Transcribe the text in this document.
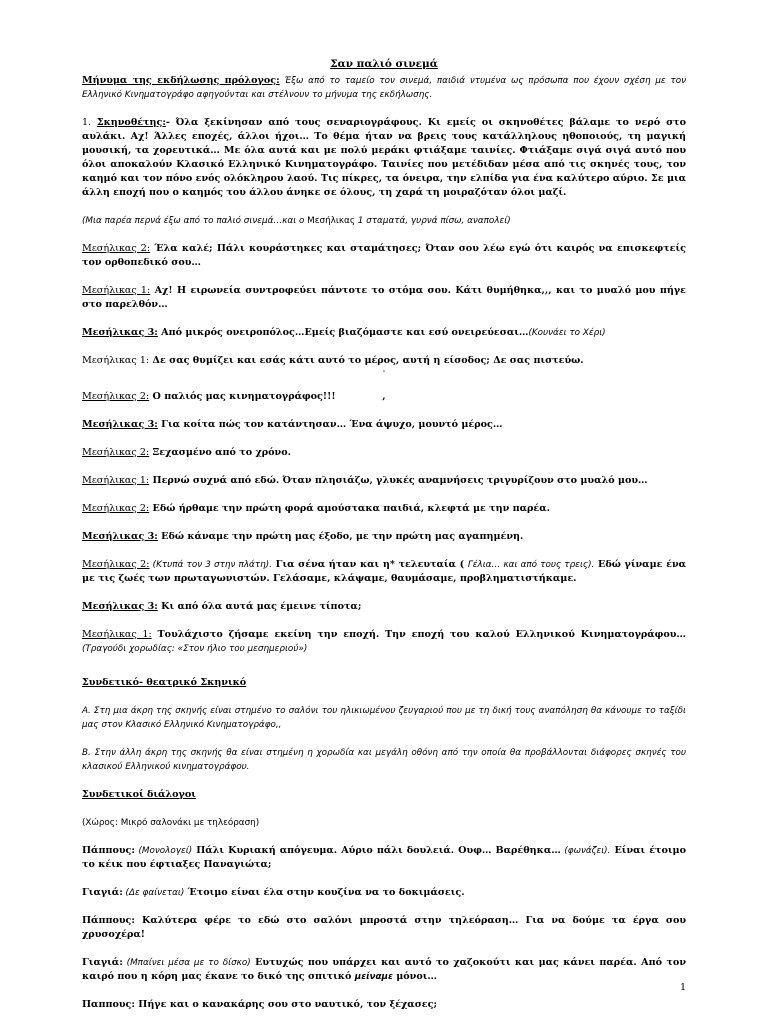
Σαν παλιό σινεμά

Μήνυμα της εκδήλωσης πρόλογος: Έξω από το ταμείο τον σινεμά, παιδιά ντυμένα ως πρόσωπα που έχουν σχέση με τον Ελληνικό Κινηματογράφο αφηγούνται και στέλνουν το μήνυμα της εκδήλωσης.

1. Σκηνοθέτης:- Όλα ξεκίνησαν από τους σεναριογράφους. Κι εμείς οι σκηνοθέτες βάλαμε το νερό στο αυλάκι. Αχ! Άλλες εποχές, άλλοι ήχοι… Το θέμα ήταν να βρεις τους κατάλληλους ηθοποιούς, τη μαγική μουσική, τα χορευτικά… Με όλα αυτά και με πολύ μεράκι φτιάξαμε ταινίες. Φτιάξαμε σιγά σιγά αυτό που όλοι αποκαλούν Κλασικό Ελληνικό Κινηματογράφο. Ταινίες που μετέδιδαν μέσα από τις σκηνές τους, τον καημό και τον πόνο ενός ολόκληρου λαού. Τις πίκρες, τα όνειρα, την ελπίδα για ένα καλύτερο αύριο. Σε μια άλλη εποχή που ο καημός του άλλου άνηκε σε όλους, τη χαρά τη μοιραζόταν όλοι μαζί.

(Μια παρέα περνά έξω από το παλιό σινεμά…και ο Μεσήλικας 1 σταματά, γυρνά πίσω, αναπολεί)

Μεσήλικας 2: Έλα καλέ; Πάλι κουράστηκες και σταμάτησες; Όταν σου λέω εγώ ότι καιρός να επισκεφτείς τον ορθοπεδικό σου…

Μεσήλικας 1: Αχ! Η ειρωνεία συντροφεύει πάντοτε το στόμα σου. Κάτι θυμήθηκα,,, και το μυαλό μου πήγε στο παρελθόν…

Μεσήλικας 3: Από μικρός ονειροπόλος…Εμείς βιαζόμαστε και εσύ ονειρεύεσαι…(Κουνάει το Χέρι)

Μεσήλικας 1: Δε σας θυμίζει και εσάς κάτι αυτό το μέρος, αυτή η είσοδος; Δε σας πιστεύω.

'

Μεσήλικας 2: Ο παλιός μας κινηματογράφος!!!              ,

Μεσήλικας 3: Για κοίτα πώς τον κατάντησαν… Ένα άψυχο, μουντό μέρος…

Μεσήλικας 2: Ξεχασμένο από το χρόνο.

Μεσήλικας 1: Περνώ συχνά από εδώ. Όταν πλησιάζω, γλυκές αναμνήσεις τριγυρίζουν στο μυαλό μου…

Μεσήλικας 2: Εδώ ήρθαμε την πρώτη φορά αμούστακα παιδιά, κλεφτά με την παρέα.

Μεσήλικας 3: Εδώ κάναμε την πρώτη μας έξοδο, με την πρώτη μας αγαπημένη.

Μεσήλικας 2: (Κτυπά τον 3 στην πλάτη). Για σένα ήταν και η* τελευταία ( Γέλια… και από τους τρεις). Εδώ γίναμε ένα με τις ζωές των πρωταγωνιστών. Γελάσαμε, κλάψαμε, θαυμάσαμε, προβληματιστήκαμε.

Μεσήλικας 3: Κι από όλα αυτά μας έμεινε τίποτα;

Μεσήλικας 1: Τουλάχιστο ζήσαμε εκείνη την εποχή. Την εποχή του καλού Ελληνικού Κινηματογράφου… (Τραγούδι χορωδίας: «Στον ήλιο του μεσημεριού»)

Συνδετικό- θεατρικό Σκηνικό

Α. Στη μια άκρη της σκηνής είναι στημένο το σαλόνι του ηλικιωμένου ζευγαριού που με τη δική τους αναπόληση θα κάνουμε το ταξίδι μας στον Κλασικό Ελληνικό Κινηματογράφο,,

Β. Στην άλλη άκρη της σκηνής θα είναι στημένη η χορωδία και μεγάλη οθόνη από την οποία θα προβάλλονται διάφορες σκηνές του κλασικού Ελληνικού κινηματογράφου.

Συνδετικοί διάλογοι

(Χώρος: Μικρό σαλονάκι με τηλεόραση)

Πάππους: (Μονολογεί) Πάλι Κυριακή απόγευμα. Αύριο πάλι δουλειά. Ουφ… Βαρέθηκα… (φωνάζει). Είναι έτοιμο το κέικ που έφτιαξες Παναγιώτα;

Γιαγιά: (Δε φαίνεται) Έτοιμο είναι έλα στην κουζίνα να το δοκιμάσεις.

Πάππους: Καλύτερα φέρε το εδώ στο σαλόνι μπροστά στην τηλεόραση… Για να δούμε τα έργα σου χρυσοχέρα!

Γιαγιά: (Μπαίνει μέσα με το δίσκο) Ευτυχώς που υπάρχει και αυτό το χαζοκούτι και μας κάνει παρέα. Από τον καιρό που η κόρη μας έκανε το δικό της σπιτικό μείναμε μόνοι…

Παππους: Πήγε και ο κανακάρης σου στο ναυτικό, τον ξέχασες;

1
